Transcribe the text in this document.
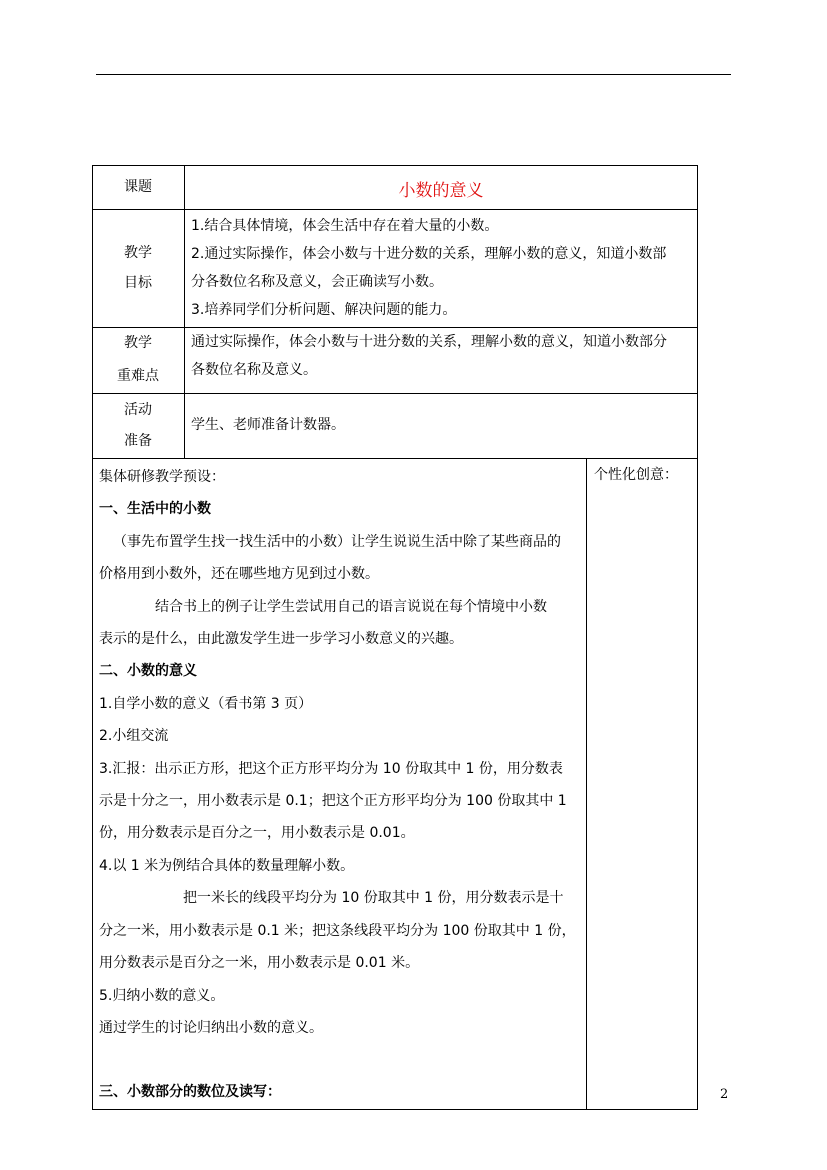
课题	小数的意义
教学
目标

1.结合具体情境，体会生活中存在着大量的小数。

2.通过实际操作，体会小数与十进分数的关系，理解小数的意义，知道小数部

分各数位名称及意义，会正确读写小数。

3.培养同学们分析问题、解决问题的能力。

教学
重难点

通过实际操作，体会小数与十进分数的关系，理解小数的意义，知道小数部分

各数位名称及意义。

活动
准备
学生、老师准备计数器。
个性化创意：

集体研修教学预设：

一、生活中的小数

（事先布置学生找一找生活中的小数）让学生说说生活中除了某些商品的

价格用到小数外，还在哪些地方见到过小数。

结合书上的例子让学生尝试用自己的语言说说在每个情境中小数

表示的是什么，由此激发学生进一步学习小数意义的兴趣。

二、小数的意义

1.自学小数的意义（看书第 3 页）

2.小组交流

3.汇报：出示正方形，把这个正方形平均分为 10 份取其中 1 份，用分数表

示是十分之一，用小数表示是 0.1；把这个正方形平均分为 100 份取其中 1

份，用分数表示是百分之一，用小数表示是 0.01。

4.以 1 米为例结合具体的数量理解小数。

把一米长的线段平均分为 10 份取其中 1 份，用分数表示是十

分之一米，用小数表示是 0.1 米；把这条线段平均分为 100 份取其中 1 份，

用分数表示是百分之一米，用小数表示是 0.01 米。

5.归纳小数的意义。

通过学生的讨论归纳出小数的意义。

三、小数部分的数位及读写：	2
